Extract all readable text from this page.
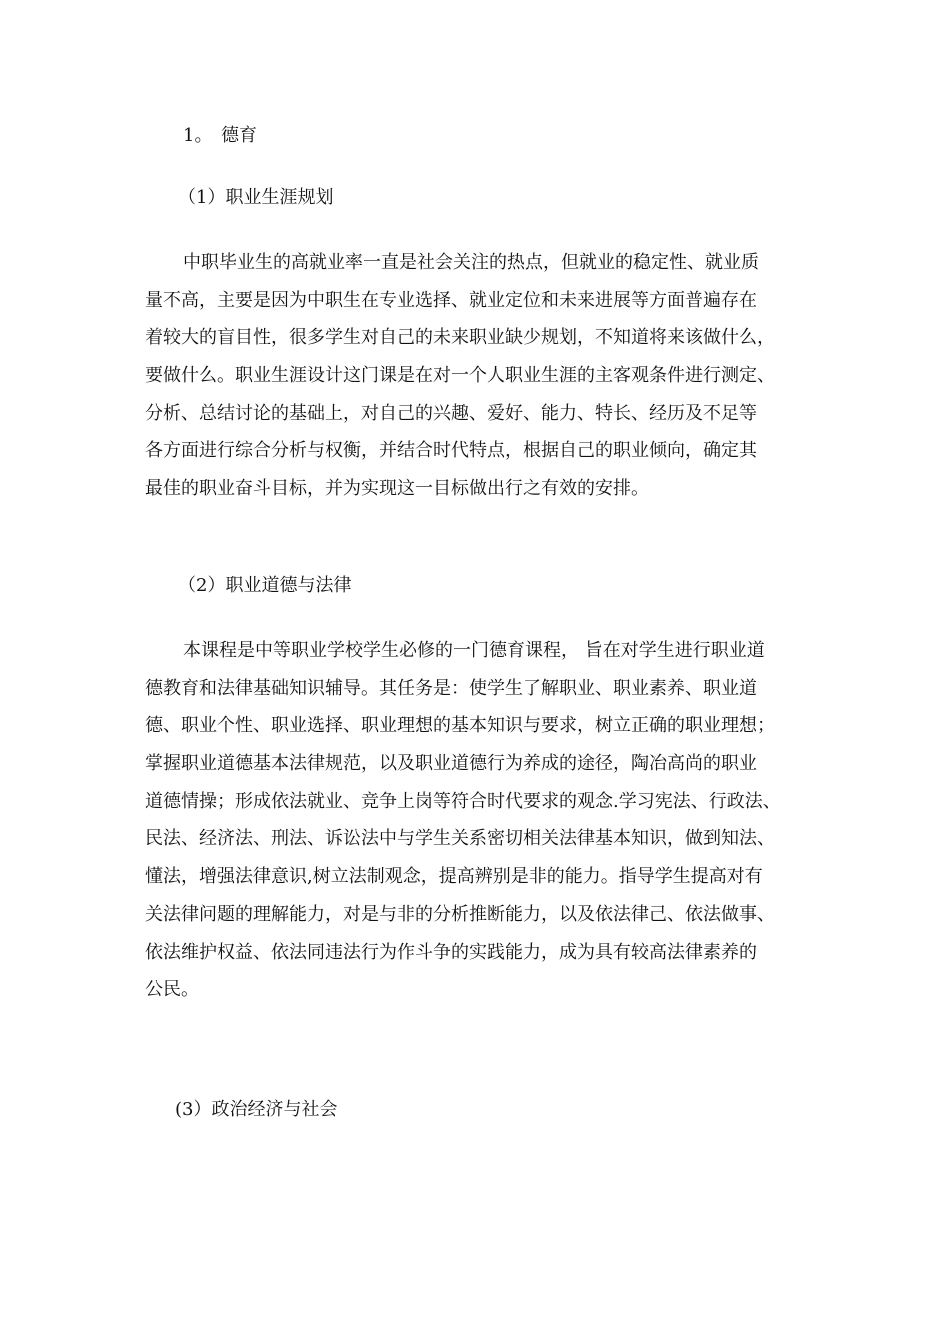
1。 德育
（1）职业生涯规划
中职毕业生的高就业率一直是社会关注的热点，但就业的稳定性、就业质
量不高，主要是因为中职生在专业选择、就业定位和未来进展等方面普遍存在
着较大的盲目性，很多学生对自己的未来职业缺少规划，不知道将来该做什么，
要做什么。职业生涯设计这门课是在对一个人职业生涯的主客观条件进行测定、
分析、总结讨论的基础上，对自己的兴趣、爱好、能力、特长、经历及不足等
各方面进行综合分析与权衡，并结合时代特点，根据自己的职业倾向，确定其
最佳的职业奋斗目标，并为实现这一目标做出行之有效的安排。
（2）职业道德与法律
本课程是中等职业学校学生必修的一门德育课程， 旨在对学生进行职业道
德教育和法律基础知识辅导。其任务是：使学生了解职业、职业素养、职业道
德、职业个性、职业选择、职业理想的基本知识与要求，树立正确的职业理想；
掌握职业道德基本法律规范，以及职业道德行为养成的途径，陶冶高尚的职业
道德情操；形成依法就业、竞争上岗等符合时代要求的观念.学习宪法、行政法、
民法、经济法、刑法、诉讼法中与学生关系密切相关法律基本知识，做到知法、
懂法，增强法律意识,树立法制观念，提高辨别是非的能力。指导学生提高对有
关法律问题的理解能力，对是与非的分析推断能力，以及依法律己、依法做事、
依法维护权益、依法同违法行为作斗争的实践能力，成为具有较高法律素养的
公民。
(3）政治经济与社会
